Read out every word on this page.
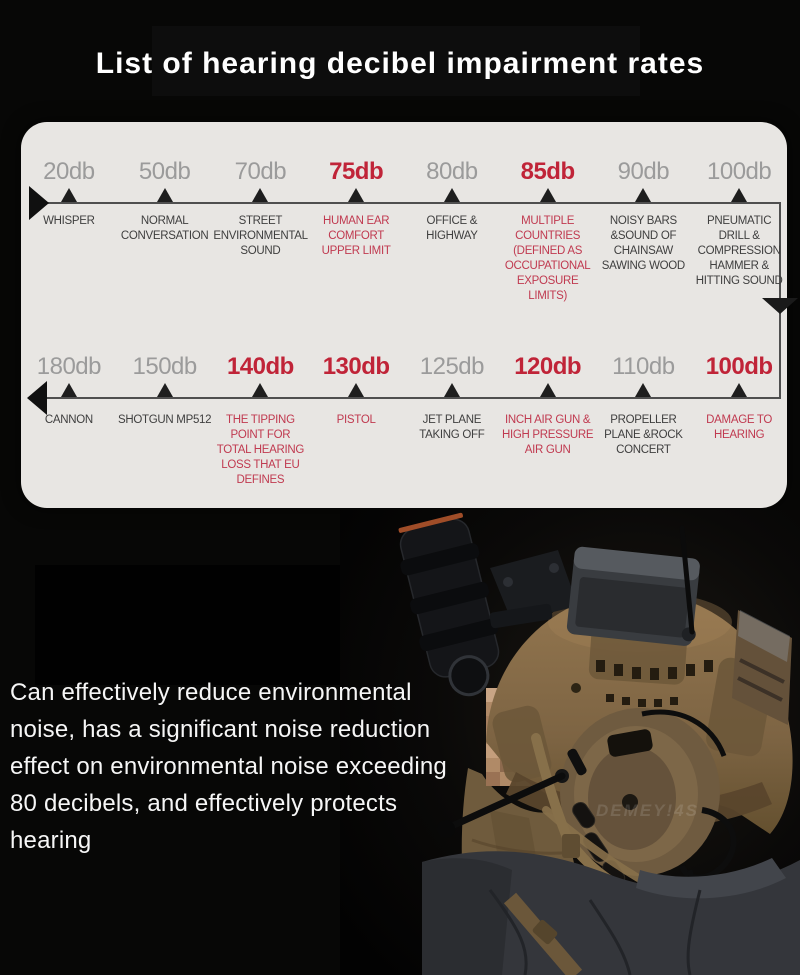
List of hearing decibel impairment rates
20db
WHISPER
50db
NORMAL CONVERSATION
70db
STREET ENVIRONMENTAL SOUND
75db
HUMAN EAR COMFORT UPPER LIMIT
80db
OFFICE & HIGHWAY
85db
MULTIPLE COUNTRIES (DEFINED AS OCCUPATIONAL EXPOSURE LIMITS)
90db
NOISY BARS &SOUND OF CHAINSAW SAWING WOOD
100db
PNEUMATIC DRILL & COMPRESSION HAMMER & HITTING SOUND
180db
CANNON
150db
SHOTGUN MP512
140db
THE TIPPING POINT FOR TOTAL HEARING LOSS THAT EU DEFINES
130db
PISTOL
125db
JET PLANE TAKING OFF
120db
INCH AIR GUN & HIGH PRESSURE AIR GUN
110db
PROPELLER PLANE &ROCK CONCERT
100db
DAMAGE TO HEARING
DEMEY!4S
Can effectively reduce environmental
noise, has a significant noise reduction
effect on environmental noise exceeding
80 decibels, and effectively protects
hearing
